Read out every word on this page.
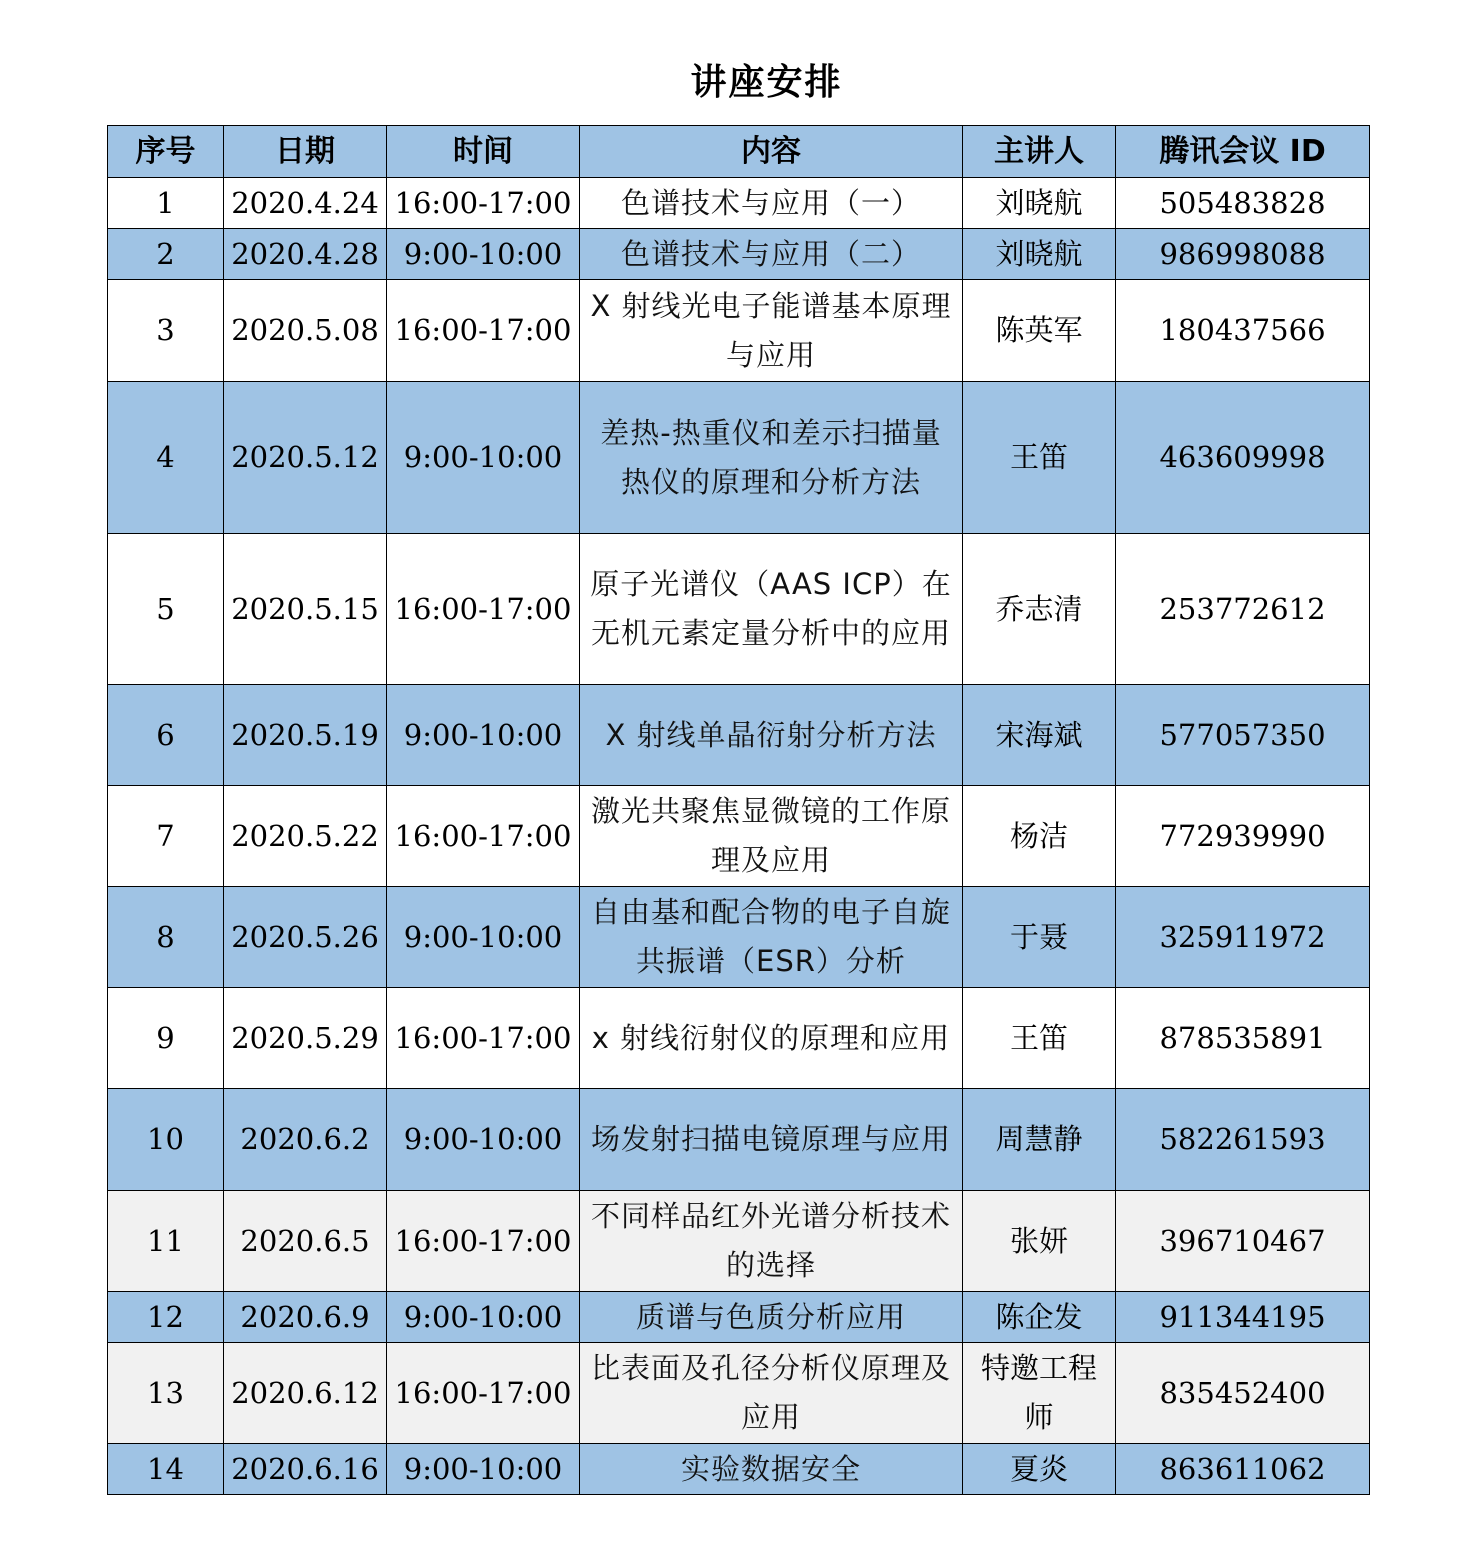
讲座安排
序号	日期	时间	内容	主讲人	腾讯会议 ID
1	2020.4.24	16:00-17:00	色谱技术与应用（一）	刘晓航	505483828
2	2020.4.28	9:00-10:00	色谱技术与应用（二）	刘晓航	986998088
3	2020.5.08	16:00-17:00	X 射线光电子能谱基本原理与应用	陈英军	180437566
4	2020.5.12	9:00-10:00	差热-热重仪和差示扫描量热仪的原理和分析方法	王笛	463609998
5	2020.5.15	16:00-17:00	原子光谱仪（AAS ICP）在无机元素定量分析中的应用	乔志清	253772612
6	2020.5.19	9:00-10:00	X 射线单晶衍射分析方法	宋海斌	577057350
7	2020.5.22	16:00-17:00	激光共聚焦显微镜的工作原理及应用	杨洁	772939990
8	2020.5.26	9:00-10:00	自由基和配合物的电子自旋共振谱（ESR）分析	于聂	325911972
9	2020.5.29	16:00-17:00	x 射线衍射仪的原理和应用	王笛	878535891
10	2020.6.2	9:00-10:00	场发射扫描电镜原理与应用	周慧静	582261593
11	2020.6.5	16:00-17:00	不同样品红外光谱分析技术的选择	张妍	396710467
12	2020.6.9	9:00-10:00	质谱与色质分析应用	陈企发	911344195
13	2020.6.12	16:00-17:00	比表面及孔径分析仪原理及应用	特邀工程师	835452400
14	2020.6.16	9:00-10:00	实验数据安全	夏炎	863611062
